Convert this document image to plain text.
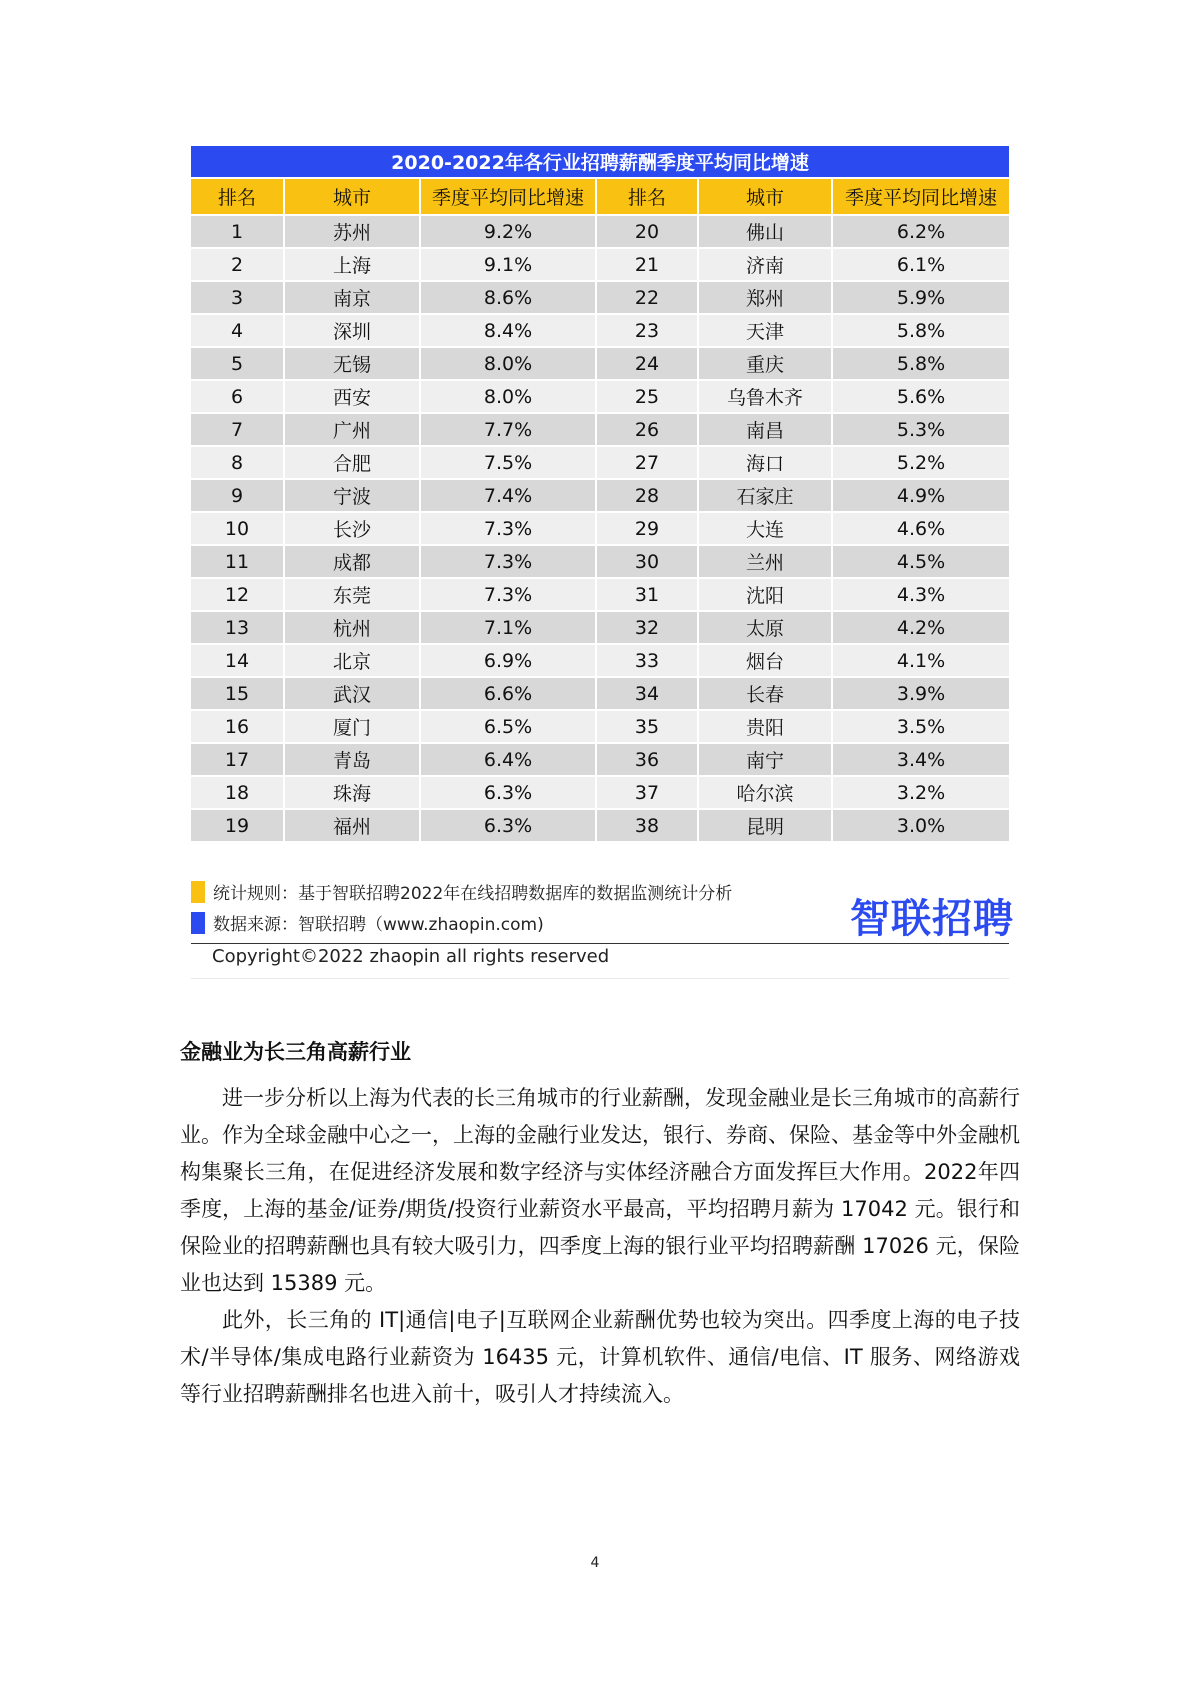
2020-2022年各行业招聘薪酬季度平均同比增速					
排名	城市	季度平均同比增速	排名	城市	季度平均同比增速
1	苏州	9.2%	20	佛山	6.2%
2	上海	9.1%	21	济南	6.1%
3	南京	8.6%	22	郑州	5.9%
4	深圳	8.4%	23	天津	5.8%
5	无锡	8.0%	24	重庆	5.8%
6	西安	8.0%	25	乌鲁木齐	5.6%
7	广州	7.7%	26	南昌	5.3%
8	合肥	7.5%	27	海口	5.2%
9	宁波	7.4%	28	石家庄	4.9%
10	长沙	7.3%	29	大连	4.6%
11	成都	7.3%	30	兰州	4.5%
12	东莞	7.3%	31	沈阳	4.3%
13	杭州	7.1%	32	太原	4.2%
14	北京	6.9%	33	烟台	4.1%
15	武汉	6.6%	34	长春	3.9%
16	厦门	6.5%	35	贵阳	3.5%
17	青岛	6.4%	36	南宁	3.4%
18	珠海	6.3%	37	哈尔滨	3.2%
19	福州	6.3%	38	昆明	3.0%
统计规则：基于智联招聘2022年在线招聘数据库的数据监测统计分析
数据来源：智联招聘（www.zhaopin.com)	智联招聘
Copyright©2022 zhaopin all rights reserved
金融业为长三角高薪行业

进一步分析以上海为代表的长三角城市的行业薪酬，发现金融业是长三角城市的高薪行业。作为全球金融中心之一，上海的金融行业发达，银行、券商、保险、基金等中外金融机构集聚长三角，在促进经济发展和数字经济与实体经济融合方面发挥巨大作用。2022年四季度，上海的基金/证券/期货/投资行业薪资水平最高，平均招聘月薪为 17042 元。银行和保险业的招聘薪酬也具有较大吸引力，四季度上海的银行业平均招聘薪酬 17026 元，保险业也达到 15389 元。

此外，长三角的 IT|通信|电子|互联网企业薪酬优势也较为突出。四季度上海的电子技术/半导体/集成电路行业薪资为 16435 元，计算机软件、通信/电信、IT 服务、网络游戏等行业招聘薪酬排名也进入前十，吸引人才持续流入。

4
